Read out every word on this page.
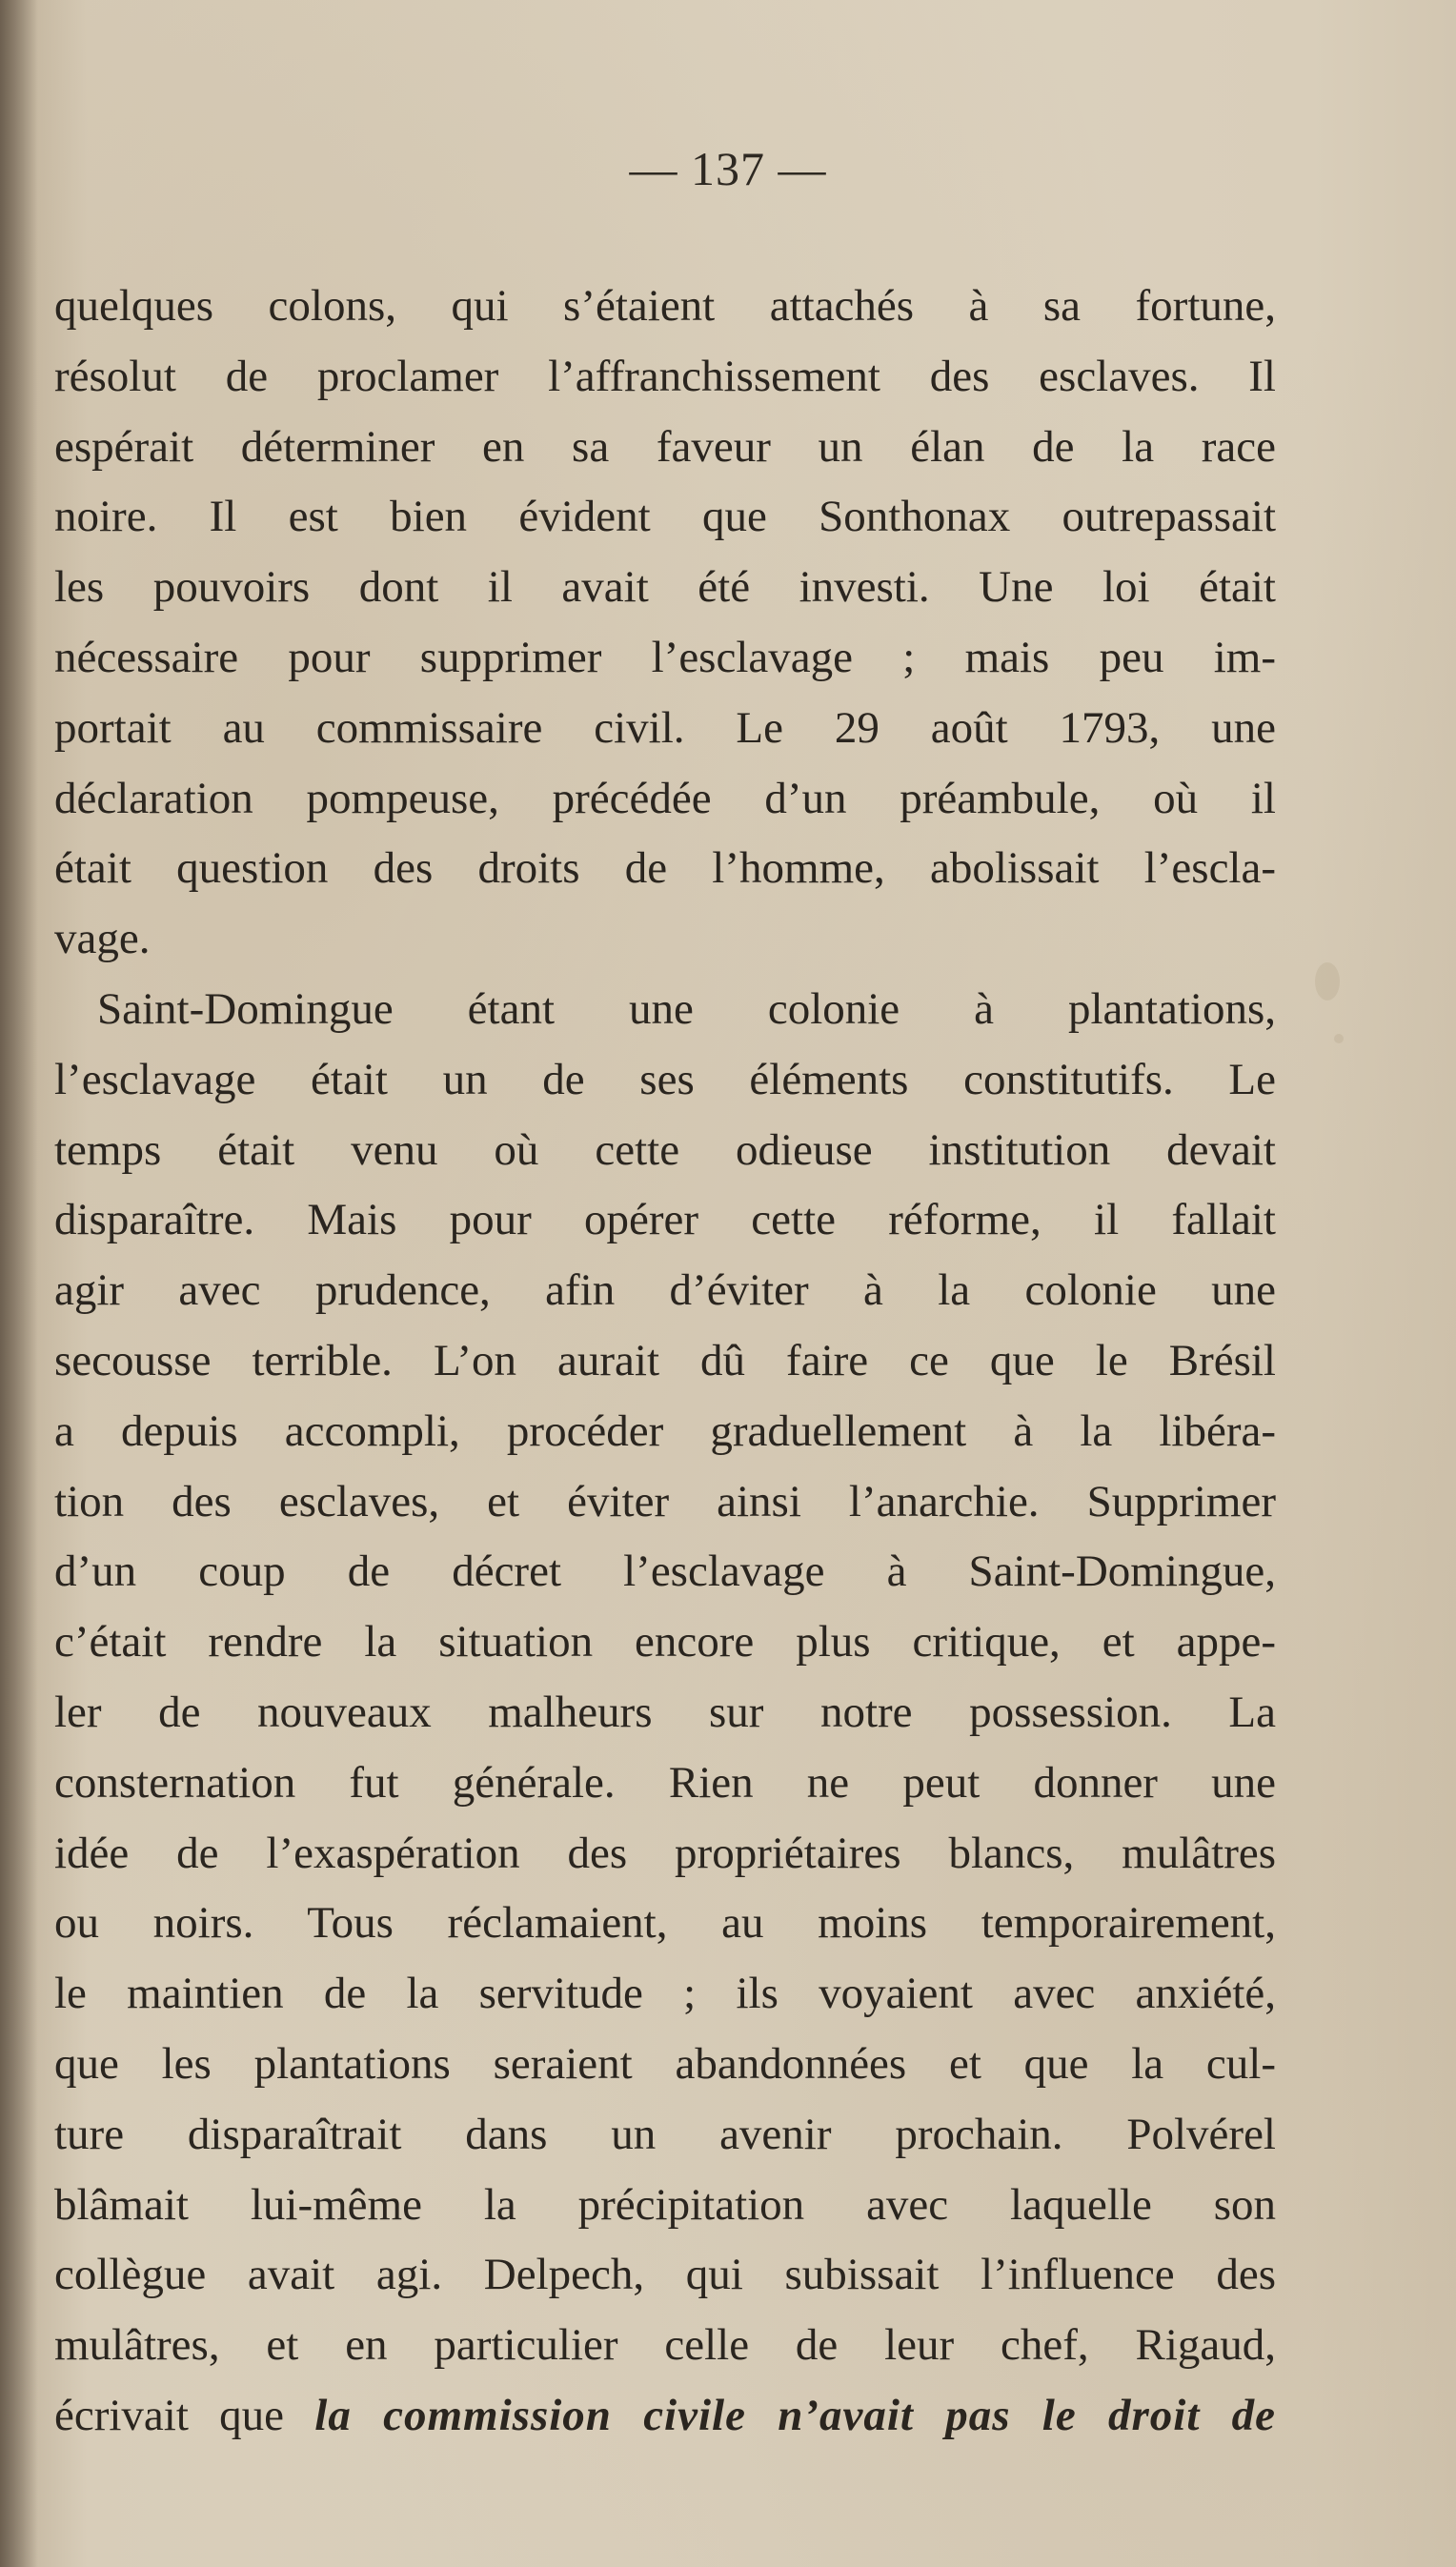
— 137 —
quelques colons, qui s’étaient attachés à sa fortune,
résolut de proclamer l’affranchissement des esclaves. Il
espérait déterminer en sa faveur un élan de la race
noire. Il est bien évident que Sonthonax outrepassait
les pouvoirs dont il avait été investi. Une loi était
nécessaire pour supprimer l’esclavage ; mais peu im-
portait au commissaire civil. Le 29 août 1793, une
déclaration pompeuse, précédée d’un préambule, où il
était question des droits de l’homme, abolissait l’escla-
vage.
Saint-Domingue étant une colonie à plantations,
l’esclavage était un de ses éléments constitutifs. Le
temps était venu où cette odieuse institution devait
disparaître. Mais pour opérer cette réforme, il fallait
agir avec prudence, afin d’éviter à la colonie une
secousse terrible. L’on aurait dû faire ce que le Brésil
a depuis accompli, procéder graduellement à la libéra-
tion des esclaves, et éviter ainsi l’anarchie. Supprimer
d’un coup de décret l’esclavage à Saint-Domingue,
c’était rendre la situation encore plus critique, et appe-
ler de nouveaux malheurs sur notre possession. La
consternation fut générale. Rien ne peut donner une
idée de l’exaspération des propriétaires blancs, mulâtres
ou noirs. Tous réclamaient, au moins temporairement,
le maintien de la servitude ; ils voyaient avec anxiété,
que les plantations seraient abandonnées et que la cul-
ture disparaîtrait dans un avenir prochain. Polvérel
blâmait lui-même la précipitation avec laquelle son
collègue avait agi. Delpech, qui subissait l’influence des
mulâtres, et en particulier celle de leur chef, Rigaud,
écrivait que la commission civile n’avait pas le droit de
